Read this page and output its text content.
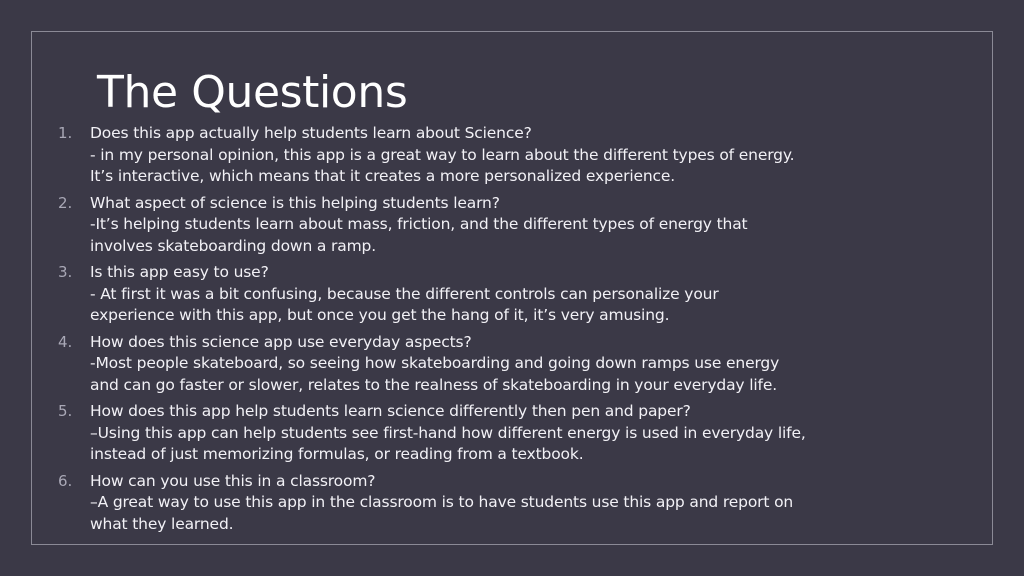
The Questions
1.	Does this app actually help students learn about Science?
- in my personal opinion, this app is a great way to learn about the different types of energy.
It’s interactive, which means that it creates a more personalized experience.
2.	What aspect of science is this helping students learn?
-It’s helping students learn about mass, friction, and the different types of energy that
involves skateboarding down a ramp.
3.	Is this app easy to use?
- At first it was a bit confusing, because the different controls can personalize your
experience with this app, but once you get the hang of it, it’s very amusing.
4.	How does this science app use everyday aspects?
-Most people skateboard, so seeing how skateboarding and going down ramps use energy
and can go faster or slower, relates to the realness of skateboarding in your everyday life.
5.	How does this app help students learn science differently then pen and paper?
–Using this app can help students see first-hand how different energy is used in everyday life,
instead of just memorizing formulas, or reading from a textbook.
6.	How can you use this in a classroom?
–A great way to use this app in the classroom is to have students use this app and report on
what they learned.
